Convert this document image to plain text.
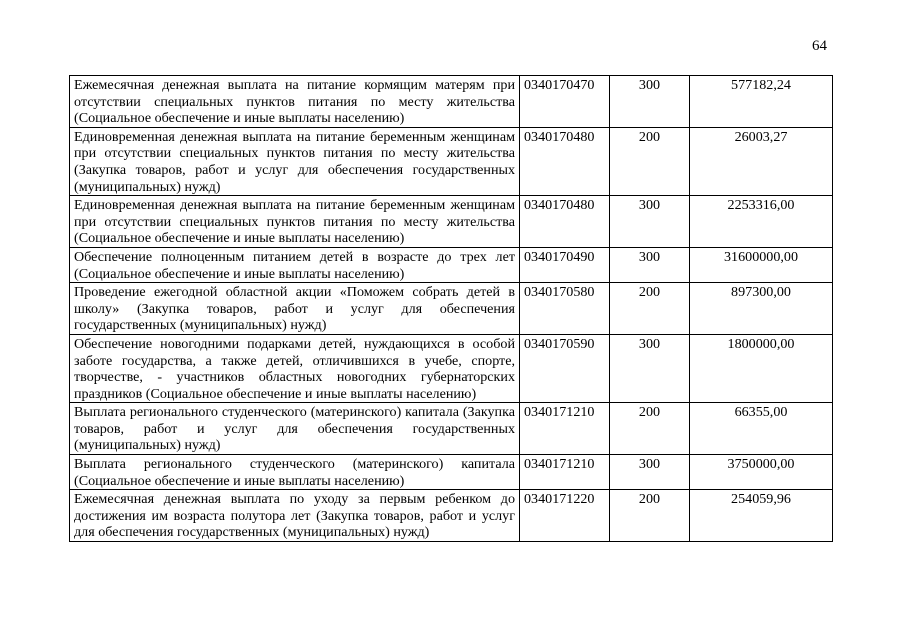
64
Ежемесячная денежная выплата на питание кормящим матерям при отсутствии специальных пунктов питания по месту жительства (Социальное обеспечение и иные выплаты населению)	0340170470	300	577182,24
Единовременная денежная выплата на питание беременным женщинам при отсутствии специальных пунктов питания по месту жительства (Закупка товаров, работ и услуг для обеспечения государственных (муниципальных) нужд)	0340170480	200	26003,27
Единовременная денежная выплата на питание беременным женщинам при отсутствии специальных пунктов питания по месту жительства (Социальное обеспечение и иные выплаты населению)	0340170480	300	2253316,00
Обеспечение полноценным питанием детей в возрасте до трех лет (Социальное обеспечение и иные выплаты населению)	0340170490	300	31600000,00
Проведение ежегодной областной акции «Поможем собрать детей в школу» (Закупка товаров, работ и услуг для обеспечения государственных (муниципальных) нужд)	0340170580	200	897300,00
Обеспечение новогодними подарками детей, нуждающихся в особой заботе государства, а также детей, отличившихся в учебе, спорте, творчестве, - участников областных новогодних губернаторских праздников (Социальное обеспечение и иные выплаты населению)	0340170590	300	1800000,00
Выплата регионального студенческого (материнского) капитала (Закупка товаров, работ и услуг для обеспечения государственных (муниципальных) нужд)	0340171210	200	66355,00
Выплата регионального студенческого (материнского) капитала (Социальное обеспечение и иные выплаты населению)	0340171210	300	3750000,00
Ежемесячная денежная выплата по уходу за первым ребенком до достижения им возраста полутора лет (Закупка товаров, работ и услуг для обеспечения государственных (муниципальных) нужд)	0340171220	200	254059,96
